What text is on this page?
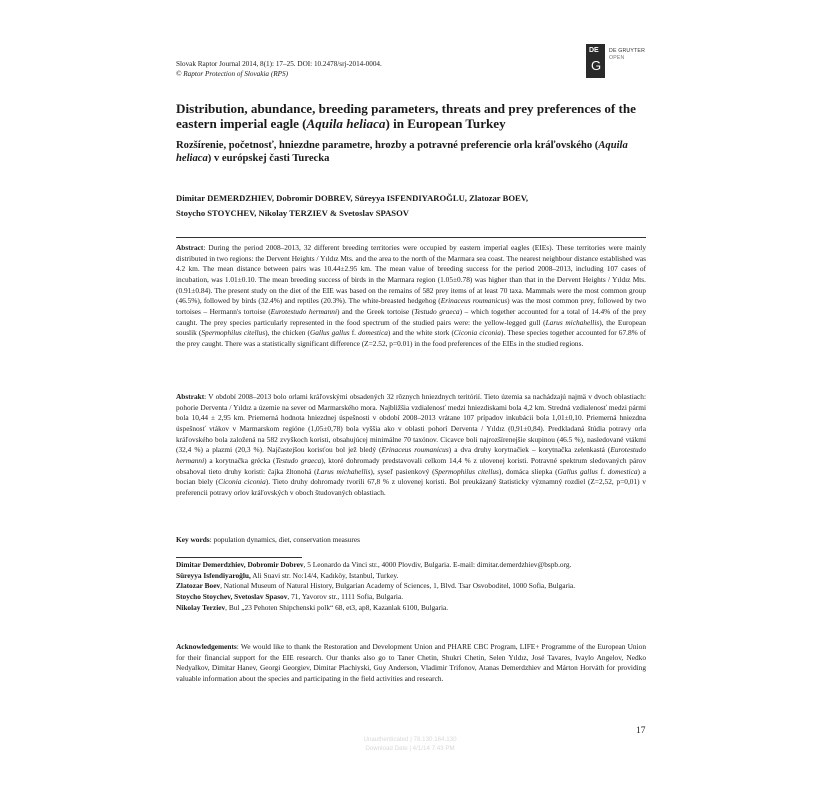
Slovak Raptor Journal 2014, 8(1): 17–25. DOI: 10.2478/srj-2014-0004.
© Raptor Protection of Slovakia (RPS)
DE
G
DE GRUYTER
OPEN
Distribution, abundance, breeding parameters, threats and prey preferences of the eastern imperial eagle (Aquila heliaca) in European Turkey
Rozšírenie, početnosť, hniezdne parametre, hrozby a potravné preferencie orla kráľovského (Aquila heliaca) v európskej časti Turecka
Dimitar DEMERDZHIEV, Dobromir DOBREV, Süreyya ISFENDIYAROĞLU, Zlatozar BOEV,
Stoycho STOYCHEV, Nikolay TERZIEV & Svetoslav SPASOV
Abstract: During the period 2008–2013, 32 different breeding territories were occupied by eastern imperial eagles (EIEs). These territories were mainly distributed in two regions: the Dervent Heights / Yıldız Mts. and the area to the north of the Marmara sea coast. The nearest neighbour distance established was 4.2 km. The mean distance between pairs was 10.44±2.95 km. The mean value of breeding success for the period 2008–2013, including 107 cases of incubation, was 1.01±0.10. The mean breeding success of birds in the Marmara region (1.05±0.78) was higher than that in the Dervent Heights / Yıldız Mts. (0.91±0.84). The present study on the diet of the EIE was based on the remains of 582 prey items of at least 70 taxa. Mammals were the most common group (46.5%), followed by birds (32.4%) and reptiles (20.3%). The white-breasted hedgehog (Erinaceus roumanicus) was the most common prey, followed by two tortoises – Hermann's tortoise (Eurotestudo hermanni) and the Greek tortoise (Testudo graeca) – which together accounted for a total of 14.4% of the prey caught. The prey species particularly represented in the food spectrum of the studied pairs were: the yellow-legged gull (Larus michahellis), the European souslik (Spermophilus citellus), the chicken (Gallus gallus f. domestica) and the white stork (Ciconia ciconia). These species together accounted for 67.8% of the prey caught. There was a statistically significant difference (Z=2.52, p=0.01) in the food preferences of the EIEs in the studied regions.
Abstrakt: V období 2008–2013 bolo orlami kráľovskými obsadených 32 rôznych hniezdnych teritórií. Tieto územia sa nachádzajú najmä v dvoch oblastiach: pohorie Derventa / Yıldız a územie na sever od Marmarského mora. Najbližšia vzdialenosť medzi hniezdiskami bola 4,2 km. Stredná vzdialenosť medzi pármi bola 10,44 ± 2,95 km. Priemerná hodnota hniezdnej úspešnosti v období 2008–2013 vrátane 107 prípadov inkubácii bola 1,01±0,10. Priemerná hniezdna úspešnosť vtákov v Marmarskom regióne (1,05±0,78) bola vyššia ako v oblasti pohorí Derventa / Yıldız (0,91±0,84). Predkladaná štúdia potravy orla kráľovského bola založená na 582 zvyškoch koristi, obsahujúcej minimálne 70 taxónov. Cicavce boli najrozšírenejšie skupinou (46.5 %), nasledované vtákmi (32,4 %) a plazmi (20,3 %). Najčastejšou korisťou bol jež bledý (Erinaceus roumanicus) a dva druhy korytnačiek – korytnačka zelenkastá (Eurotestudo hermanni) a korytnačka grécka (Testudo graeca), ktoré dohromady predstavovali celkom 14,4 % z ulovenej koristi. Potravné spektrum sledovaných párov obsahoval tieto druhy koristi: čajka žltonohá (Larus michahellis), syseľ pasienkový (Spermophilus citellus), domáca sliepka (Gallus gallus f. domestica) a bocian biely (Ciconia ciconia). Tieto druhy dohromady tvorili 67,8 % z ulovenej koristi. Bol preukázaný štatisticky významný rozdiel (Z=2,52, p=0,01) v preferencii potravy orlov kráľovských v oboch študovaných oblastiach.
Key words: population dynamics, diet, conservation measures
Dimitar Demerdzhiev, Dobromir Dobrev, 5 Leonardo da Vinci str., 4000 Plovdiv, Bulgaria. E-mail: dimitar.demerdzhiev@bspb.org.
Süreyya Isfendiyaroğlu, Ali Suavi str. No:14/4, Kadıköy, Istanbul, Turkey.
Zlatozar Boev, National Museum of Natural History, Bulgarian Academy of Sciences, 1, Blvd. Tsar Osvoboditel, 1000 Sofia, Bulgaria.
Stoycho Stoychev, Svetoslav Spasov, 71, Yavorov str., 1111 Sofia, Bulgaria.
Nikolay Terziev, Bul „23 Pehoten Shipchenski polk“ 68, et3, ap8, Kazanlak 6100, Bulgaria.
Acknowledgements: We would like to thank the Restoration and Development Union and PHARE CBC Program, LIFE+ Programme of the European Union for their financial support for the EIE research. Our thanks also go to Taner Chetin, Shukri Chetin, Selen Yıldız, José Tavares, Ivaylo Angelov, Nedko Nedyalkov, Dimitar Hanev, Georgi Georgiev, Dimitar Plachiyski, Guy Anderson, Vladimir Trifonov, Atanas Demerdzhiev and Márton Horváth for providing valuable information about the species and participating in the field activities and research.
17
Unauthenticated | 78.130.164.130
Download Date | 4/1/14 7:43 PM
